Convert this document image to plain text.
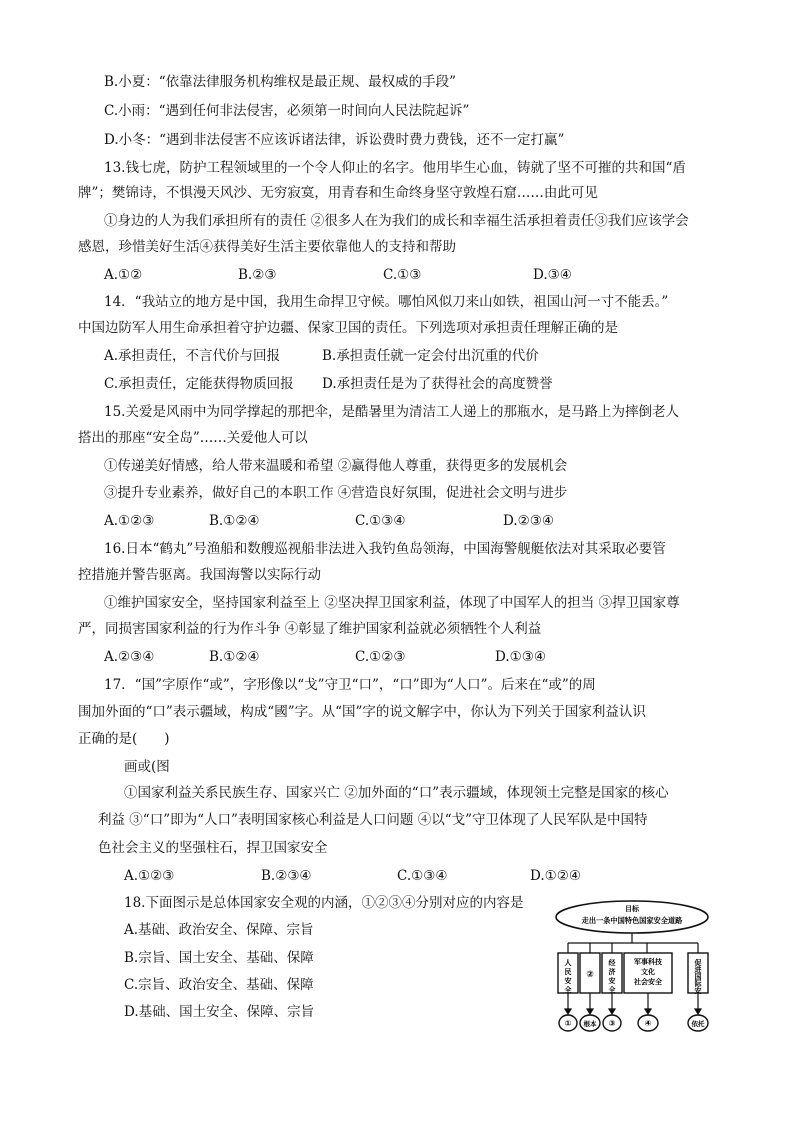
B.小夏：“依靠法律服务机构维权是最正规、最权威的手段”
C.小雨：“遇到任何非法侵害，必须第一时间向人民法院起诉”
D.小冬：“遇到非法侵害不应该诉诸法律，诉讼费时费力费钱，还不一定打赢”
13.钱七虎，防护工程领域里的一个令人仰止的名字。他用毕生心血，铸就了坚不可摧的共和国“盾
牌”；樊锦诗，不惧漫天风沙、无穷寂寞，用青春和生命终身坚守敦煌石窟……由此可见
①身边的人为我们承担所有的责任 ②很多人在为我们的成长和幸福生活承担着责任③我们应该学会
感恩，珍惜美好生活④获得美好生活主要依靠他人的支持和帮助
A.①②	B.②③	C.①③	D.③④
14．“我站立的地方是中国，我用生命捍卫守候。哪怕风似刀来山如铁，祖国山河一寸不能丢。”
中国边防军人用生命承担着守护边疆、保家卫国的责任。下列选项对承担责任理解正确的是
A.承担责任，不言代价与回报	B.承担责任就一定会付出沉重的代价
C.承担责任，定能获得物质回报 D.承担责任是为了获得社会的高度赞誉
15.关爱是风雨中为同学撑起的那把伞，是酷暑里为清洁工人递上的那瓶水，是马路上为摔倒老人
搭出的那座“安全岛”……关爱他人可以
①传递美好情感，给人带来温暖和希望 ②赢得他人尊重，获得更多的发展机会
③提升专业素养，做好自己的本职工作 ④营造良好氛围，促进社会文明与进步
A.①②③	B.①②④	C.①③④	D.②③④
16.日本“鹤丸”号渔船和数艘巡视船非法进入我钓鱼岛领海，中国海警舰艇依法对其采取必要管
控措施并警告驱离。我国海警以实际行动
①维护国家安全，坚持国家利益至上 ②坚决捍卫国家利益，体现了中国军人的担当 ③捍卫国家尊
严，同损害国家利益的行为作斗争 ④彰显了维护国家利益就必须牺牲个人利益
A.②③④	B.①②④	C.①②③	D.①③④
17．“国”字原作“或”，字形像以“戈”守卫“口”，“口”即为“人口”。后来在“或”的周
围加外面的“口”表示疆域，构成“國”字。从“国”字的说文解字中，你认为下列关于国家利益认识
正确的是(　　)
画或(图
①国家利益关系民族生存、国家兴亡 ②加外面的“口”表示疆域，体现领土完整是国家的核心
利益 ③“口”即为“人口”表明国家核心利益是人口问题 ④以“戈”守卫体现了人民军队是中国特
色社会主义的坚强柱石，捍卫国家安全
A.①②③	B.②③④	C.①③④	D.①②④
18.下面图示是总体国家安全观的内涵，①②③④分别对应的内容是
A.基础、政治安全、保障、宗旨
B.宗旨、国土安全、基础、保障
C.宗旨、政治安全、基础、保障
D.基础、国土安全、保障、宗旨
目标
走出一条中国特色国家安全道路
人
民
安
全
②
经
济
安
全
军事科技
文化
社会安全
促
进
国
际
安
① 根本 ③	④	依托
